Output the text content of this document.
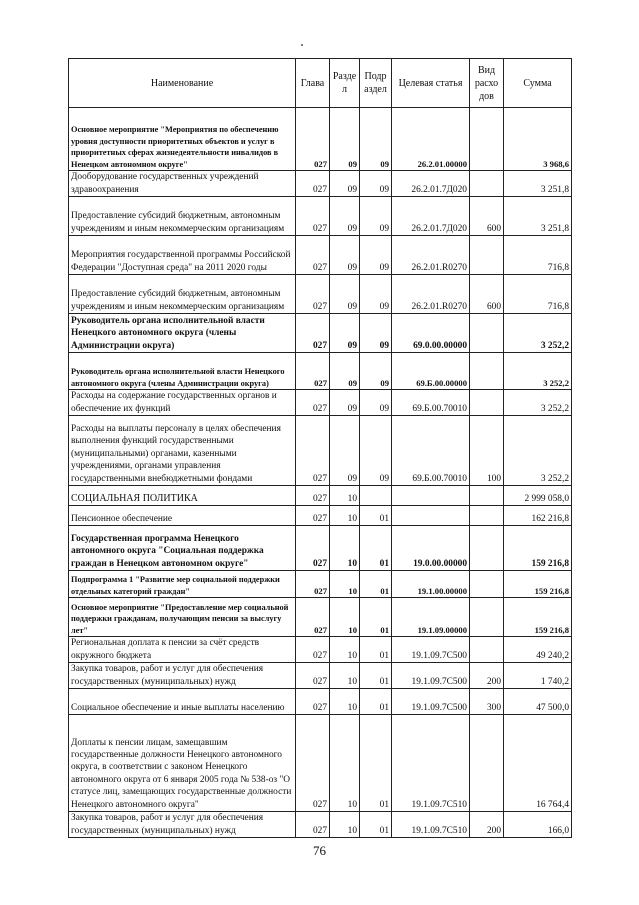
Наименование	Глава	Разде л	Подр аздел	Целевая статья	Вид расхо дов	Сумма
Основное мероприятие "Мероприятия по обеспечению уровня доступности приоритетных объектов и услуг в приоритетных сферах жизнедеятельности инвалидов в Ненецком автономном округе"	027	09	09	26.2.01.00000		3 968,6
Дооборудование государственных учреждений здравоохранения	027	09	09	26.2.01.7Д020		3 251,8
Предоставление субсидий бюджетным, автономным учреждениям и иным некоммерческим организациям	027	09	09	26.2.01.7Д020	600	3 251,8
Мероприятия государственной программы Российской Федерации "Доступная среда" на 2011 2020 годы	027	09	09	26.2.01.R0270		716,8
Предоставление субсидий бюджетным, автономным учреждениям и иным некоммерческим организациям	027	09	09	26.2.01.R0270	600	716,8
Руководитель органа исполнительной власти Ненецкого автономного округа (члены Администрации округа)	027	09	09	69.0.00.00000		3 252,2
Руководитель органа исполнительной власти Ненецкого автономного округа (члены Администрации округа)	027	09	09	69.Б.00.00000		3 252,2
Расходы на содержание государственных органов и обеспечение их функций	027	09	09	69.Б.00.70010		3 252,2
Расходы на выплаты персоналу в целях обеспечения выполнения функций государственными (муниципальными) органами, казенными учреждениями, органами управления государственными внебюджетными фондами	027	09	09	69.Б.00.70010	100	3 252,2
СОЦИАЛЬНАЯ ПОЛИТИКА	027	10				2 999 058,0
Пенсионное обеспечение	027	10	01			162 216,8
Государственная программа Ненецкого автономного округа "Социальная поддержка граждан в Ненецком автономном округе"	027	10	01	19.0.00.00000		159 216,8
Подпрограмма 1 "Развитие мер социальной поддержки отдельных категорий граждан"	027	10	01	19.1.00.00000		159 216,8
Основное мероприятие "Предоставление мер социальной поддержки гражданам, получающим пенсии за выслугу лет"	027	10	01	19.1.09.00000		159 216,8
Региональная доплата к пенсии за счёт средств окружного бюджета	027	10	01	19.1.09.7С500		49 240,2
Закупка товаров, работ и услуг для обеспечения государственных (муниципальных) нужд	027	10	01	19.1.09.7С500	200	1 740,2
Социальное обеспечение и иные выплаты населению	027	10	01	19.1.09.7С500	300	47 500,0
Доплаты к пенсии лицам, замещавшим государственные должности Ненецкого автономного округа, в соответствии с законом Ненецкого автономного округа от 6 января 2005 года № 538-оз "О статусе лиц, замещающих государственные должности Ненецкого автономного округа"	027	10	01	19.1.09.7С510		16 764,4
Закупка товаров, работ и услуг для обеспечения государственных (муниципальных) нужд	027	10	01	19.1.09.7С510	200	166,0
76
